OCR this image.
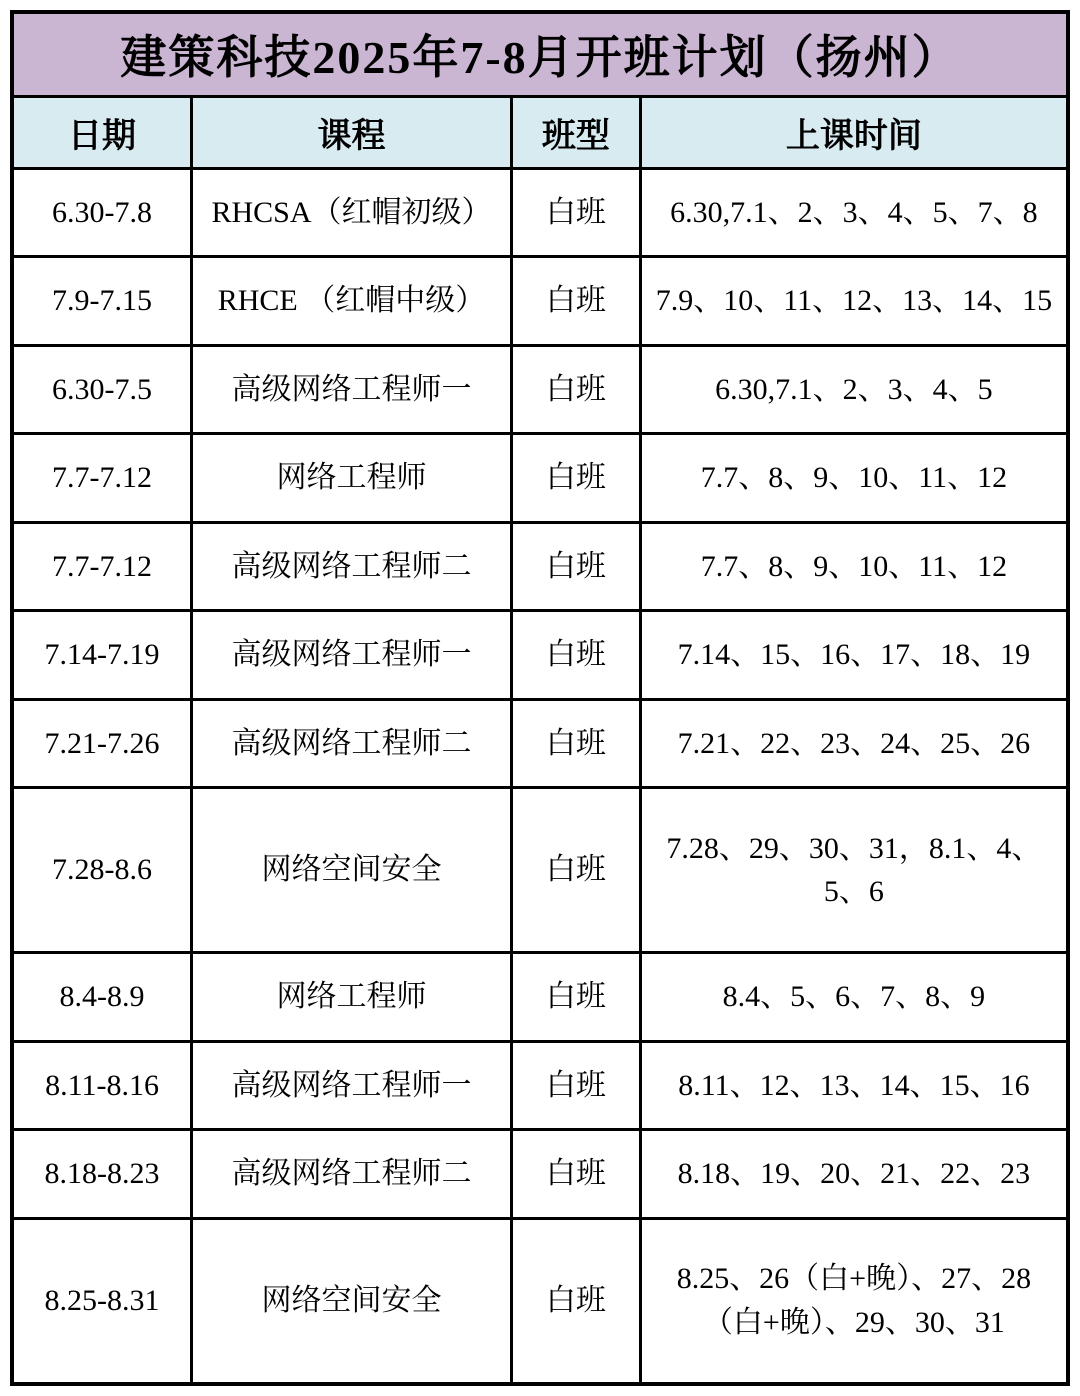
建策科技2025年7-8月开班计划（扬州）			
日期	课程	班型	上课时间
6.30-7.8	RHCSA（红帽初级）	白班	6.30,7.1、2、3、4、5、7、8
7.9-7.15	RHCE （红帽中级）	白班	7.9、10、11、12、13、14、15
6.30-7.5	高级网络工程师一	白班	6.30,7.1、2、3、4、5
7.7-7.12	网络工程师	白班	7.7、8、9、10、11、12
7.7-7.12	高级网络工程师二	白班	7.7、8、9、10、11、12
7.14-7.19	高级网络工程师一	白班	7.14、15、16、17、18、19
7.21-7.26	高级网络工程师二	白班	7.21、22、23、24、25、26
7.28-8.6	网络空间安全	白班	7.28、29、30、31，8.1、4、5、6
8.4-8.9	网络工程师	白班	8.4、5、6、7、8、9
8.11-8.16	高级网络工程师一	白班	8.11、12、13、14、15、16
8.18-8.23	高级网络工程师二	白班	8.18、19、20、21、22、23
8.25-8.31	网络空间安全	白班	8.25、26（白+晚）、27、28（白+晚）、29、30、31
